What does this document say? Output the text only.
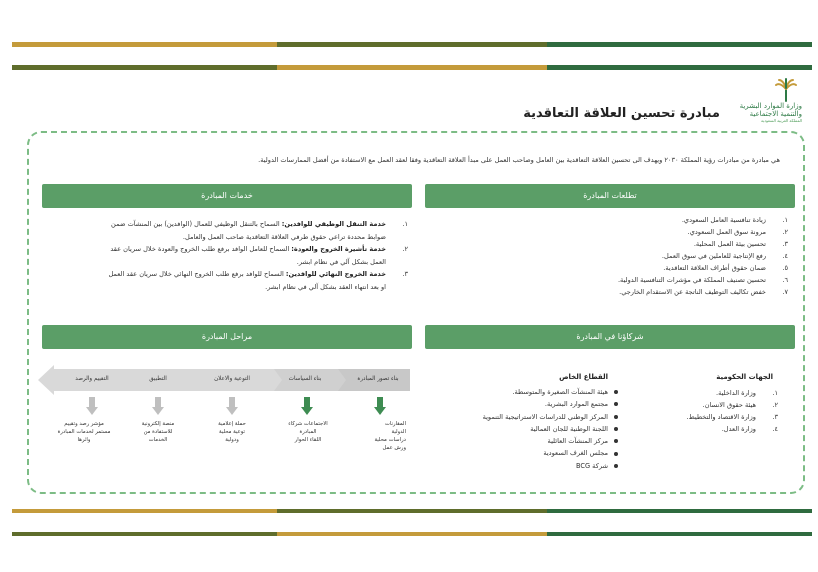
وزارة الموارد البشرية
والتنمية الاجتماعية
المملكة العربية السعودية
مبادرة تحسين العلاقة التعاقدية
هي مبادرة من مبادرات رؤية المملكة ٢٠٣٠ ويهدف الى تحسين العلاقة التعاقدية بين العامل وصاحب العمل على مبدأ العلاقة التعاقدية وفقا لعقد العمل مع الاستفادة من أفضل الممارسات الدولية.
تطلعات المبادرة
خدمات المبادرة
شركاؤنا في المبادرة
مراحل المبادرة
١.
زيادة تنافسية العامل السعودي.
٢.
مرونة سوق العمل السعودي.
٣.
تحسين بيئة العمل المحلية.
٤.
رفع الإنتاجية للعاملين في سوق العمل.
٥.
ضمان حقوق أطراف العلاقة التعاقدية.
٦.
تحسين تصنيف المملكة في مؤشرات التنافسية الدولية.
٧.
خفض تكاليف التوظيف الناتجة عن الاستقدام الخارجي.
١.
خدمة التنقل الوظيفي للوافدين: السماح بالتنقل الوظيفي للعمال (الوافدين) بين المنشآت ضمن
ضوابط محددة تراعي حقوق طرفي العلاقة التعاقدية صاحب العمل والعامل.
٢.
خدمة تأشيرة الخروج والعودة: السماح للعامل الوافد برفع طلب الخروج والعودة خلال سريان عقد
العمل بشكل آلي في نظام ابشر.
٣.
خدمة الخروج النهائي للوافدين: السماح للوافد برفع طلب الخروج النهائي خلال سريان عقد العمل
او بعد انتهاء العقد بشكل آلي في نظام ابشر.
الجهات الحكومية
١.
وزارة الداخلية.
٢.
هيئة حقوق الانسان.
٣.
وزارة الاقتصاد والتخطيط.
٤.
وزارة العدل.
القطاع الخاص
هيئة المنشآت الصغيرة والمتوسطة.
مجتمع الموارد البشرية.
المركز الوطني للدراسات الاستراتيجية التنموية
اللجنة الوطنية للجان العمالية
مركز المنشآت العائلية
مجلس الغرف السعودية
شركة BCG
بناء تصور المبادرة
بناء السياسات
التوعية والاعلان
التطبيق
التقييم والرصد
المقارنات
الدولية
دراسات محلية
ورش عمل
الاجتماعات شركاء
المبادرة
اللقاء الحوار
حملة إعلامية
توعية محلية
ودولية
منصة إلكترونية
للاستفادة من
الخدمات
مؤشر رصد وتقييم
مستمر لخدمات المبادرة
واثرها
